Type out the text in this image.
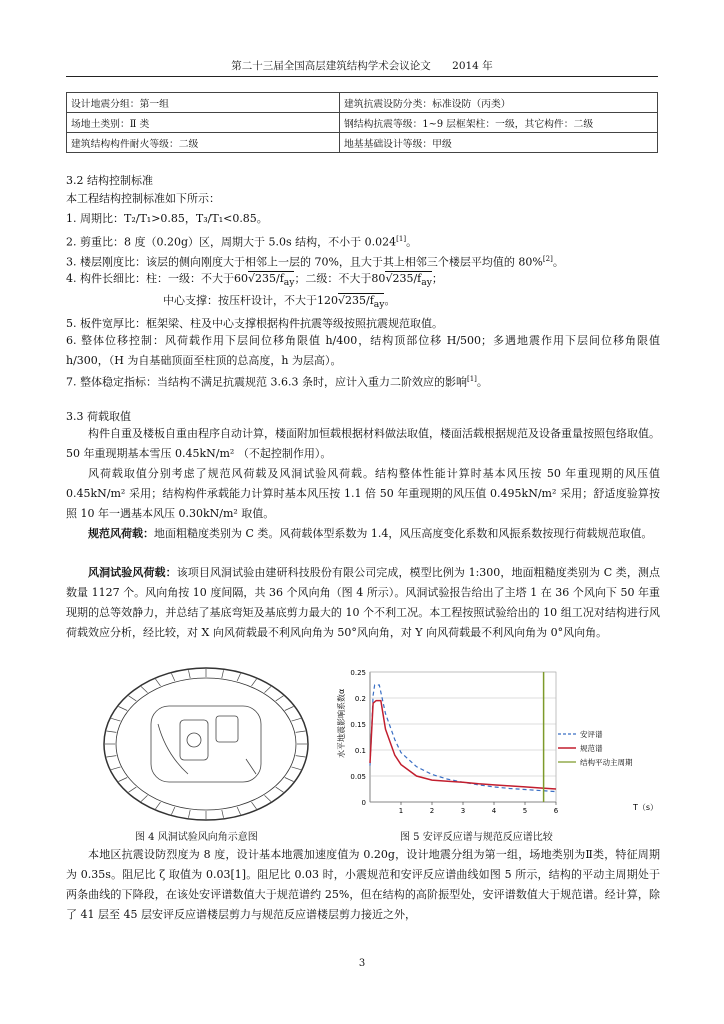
第二十三届全国高层建筑结构学术会议论文 2014 年
设计地震分组：第一组	建筑抗震设防分类：标准设防（丙类）
场地土类别：Ⅱ 类	钢结构抗震等级：1~9 层框架柱：一级，其它构件：二级
建筑结构构件耐火等级：二级	地基基础设计等级：甲级
3.2 结构控制标准
本工程结构控制标准如下所示：
1. 周期比：T₂/T₁>0.85，T₃/T₁<0.85。
2. 剪重比：8 度（0.20g）区，周期大于 5.0s 结构，不小于 0.024[1]。
3. 楼层刚度比：该层的侧向刚度大于相邻上一层的 70%，且大于其上相邻三个楼层平均值的 80%[2]。
4. 构件长细比：柱：一级：不大于$60√235/f_{ay}$；二级：不大于$80√235/f_{ay}$；
中心支撑：按压杆设计，不大于$120√235/f_{ay}$。
5. 板件宽厚比：框架梁、柱及中心支撑根据构件抗震等级按照抗震规范取值。
6. 整体位移控制：风荷载作用下层间位移角限值 h/400，结构顶部位移 H/500；多遇地震作用下层间位移角限值 h/300，（H 为自基础顶面至柱顶的总高度，h 为层高）。
7. 整体稳定指标：当结构不满足抗震规范 3.6.3 条时，应计入重力二阶效应的影响[1]。
3.3 荷载取值
构件自重及楼板自重由程序自动计算，楼面附加恒载根据材料做法取值，楼面活载根据规范及设备重量按照包络取值。50 年重现期基本雪压 0.45kN/m² （不起控制作用）。
风荷载取值分别考虑了规范风荷载及风洞试验风荷载。结构整体性能计算时基本风压按 50 年重现期的风压值 0.45kN/m² 采用；结构构件承载能力计算时基本风压按 1.1 倍 50 年重现期的风压值 0.495kN/m² 采用；舒适度验算按照 10 年一遇基本风压 0.30kN/m² 取值。
规范风荷载：地面粗糙度类别为 C 类。风荷载体型系数为 1.4，风压高度变化系数和风振系数按现行荷载规范取值。
风洞试验风荷载：该项目风洞试验由建研科技股份有限公司完成，模型比例为 1:300，地面粗糙度类别为 C 类，测点数量 1127 个。风向角按 10 度间隔，共 36 个风向角（图 4 所示）。风洞试验报告给出了主塔 1 在 36 个风向下 50 年重现期的总等效静力，并总结了基底弯矩及基底剪力最大的 10 个不利工况。本工程按照试验给出的 10 组工况对结构进行风荷载效应分析，经比较，对 X 向风荷载最不利风向角为 50°风向角，对 Y 向风荷载最不利风向角为 0°风向角。
图 4 风洞试验风向角示意图
0
0.05
0.1
0.15
0.2
0.25
1	2	3	4	5	6
水平地震影响系数α
T（s）
安评谱
规范谱
结构平动主周期
图 5 安评反应谱与规范反应谱比较
本地区抗震设防烈度为 8 度，设计基本地震加速度值为 0.20g，设计地震分组为第一组，场地类别为Ⅱ类，特征周期为 0.35s。阻尼比 ζ 取值为 0.03[1]。阻尼比 0.03 时，小震规范和安评反应谱曲线如图 5 所示，结构的平动主周期处于两条曲线的下降段，在该处安评谱数值大于规范谱约 25%，但在结构的高阶振型处，安评谱数值大于规范谱。经计算，除了 41 层至 45 层安评反应谱楼层剪力与规范反应谱楼层剪力接近之外，
3
